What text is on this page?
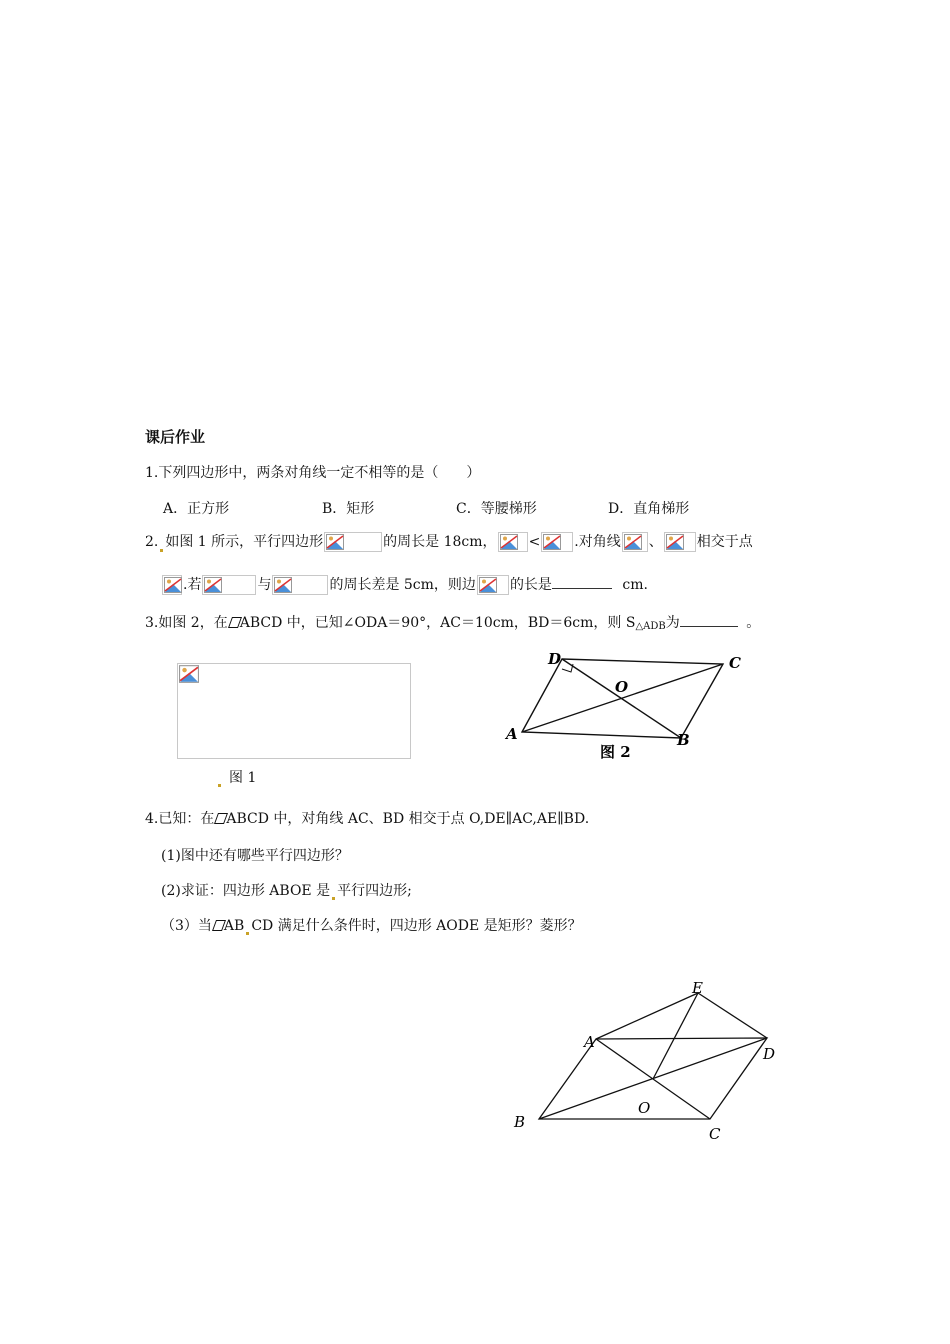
课后作业
1.下列四边形中，两条对角线一定不相等的是（　　）
A．正方形	B．矩形	C．等腰梯形	D．直角梯形
2. 如图 1 所示，平行四边形	的周长是 18cm， < .对角线 、 相交于点
.若	与	的周长差是 5cm，则边 的长是	cm.
3.如图 2，在 ABCD 中，已知∠ODA＝90°，AC＝10cm，BD＝6cm，则 $S_{\triangle ADB}$为	。
图 1
D	C
O
A	B
图 2
4.已知：在 ABCD 中，对角线 AC、BD 相交于点 O,DE∥AC,AE∥BD.
(1)图中还有哪些平行四边形？
(2)求证：四边形 ABOE 是 平行四边形;
（3）当 AB CD 满足什么条件时，四边形 AODE 是矩形？菱形？
E
A
D
O
B
C
